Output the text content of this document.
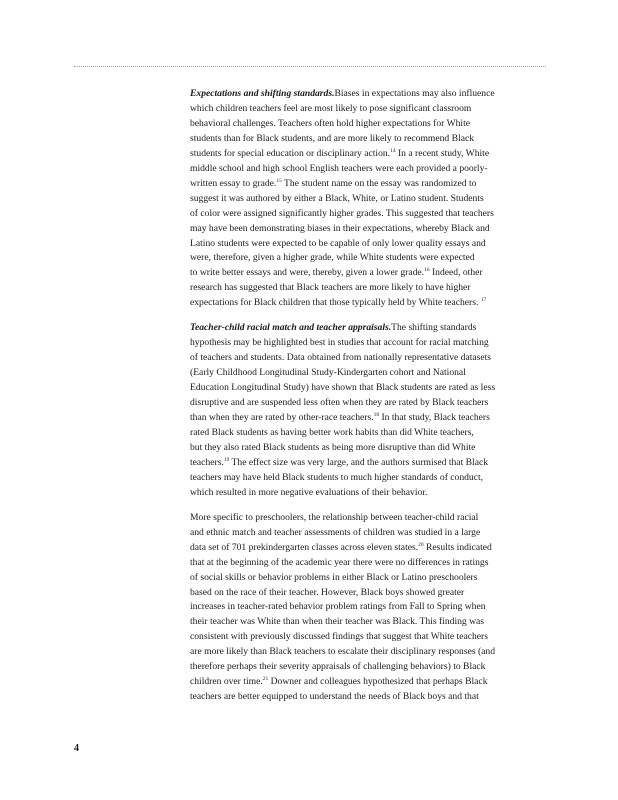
Expectations and shifting standards.Biases in expectations may also influence
which children teachers feel are most likely to pose significant classroom
behavioral challenges. Teachers often hold higher expectations for White
students than for Black students, and are more likely to recommend Black
students for special education or disciplinary action.$^{14}$ In a recent study, White
middle school and high school English teachers were each provided a poorly-
written essay to grade.$^{15}$ The student name on the essay was randomized to
suggest it was authored by either a Black, White, or Latino student. Students
of color were assigned significantly higher grades. This suggested that teachers
may have been demonstrating biases in their expectations, whereby Black and
Latino students were expected to be capable of only lower quality essays and
were, therefore, given a higher grade, while White students were expected
to write better essays and were, thereby, given a lower grade.$^{16}$ Indeed, other
research has suggested that Black teachers are more likely to have higher
expectations for Black children that those typically held by White teachers. $^{17}$

Teacher-child racial match and teacher appraisals.The shifting standards
hypothesis may be highlighted best in studies that account for racial matching
of teachers and students. Data obtained from nationally representative datasets
(Early Childhood Longitudinal Study-Kindergarten cohort and National
Education Longitudinal Study) have shown that Black students are rated as less
disruptive and are suspended less often when they are rated by Black teachers
than when they are rated by other-race teachers.$^{18}$ In that study, Black teachers
rated Black students as having better work habits than did White teachers,
but they also rated Black students as being more disruptive than did White
teachers.$^{19}$ The effect size was very large, and the authors surmised that Black
teachers may have held Black students to much higher standards of conduct,
which resulted in more negative evaluations of their behavior.

More specific to preschoolers, the relationship between teacher-child racial
and ethnic match and teacher assessments of children was studied in a large
data set of 701 prekindergarten classes across eleven states.$^{20}$ Results indicated
that at the beginning of the academic year there were no differences in ratings
of social skills or behavior problems in either Black or Latino preschoolers
based on the race of their teacher. However, Black boys showed greater
increases in teacher-rated behavior problem ratings from Fall to Spring when
their teacher was White than when their teacher was Black. This finding was
consistent with previously discussed findings that suggest that White teachers
are more likely than Black teachers to escalate their disciplinary responses (and
therefore perhaps their severity appraisals of challenging behaviors) to Black
children over time.$^{21}$ Downer and colleagues hypothesized that perhaps Black
teachers are better equipped to understand the needs of Black boys and that

4
